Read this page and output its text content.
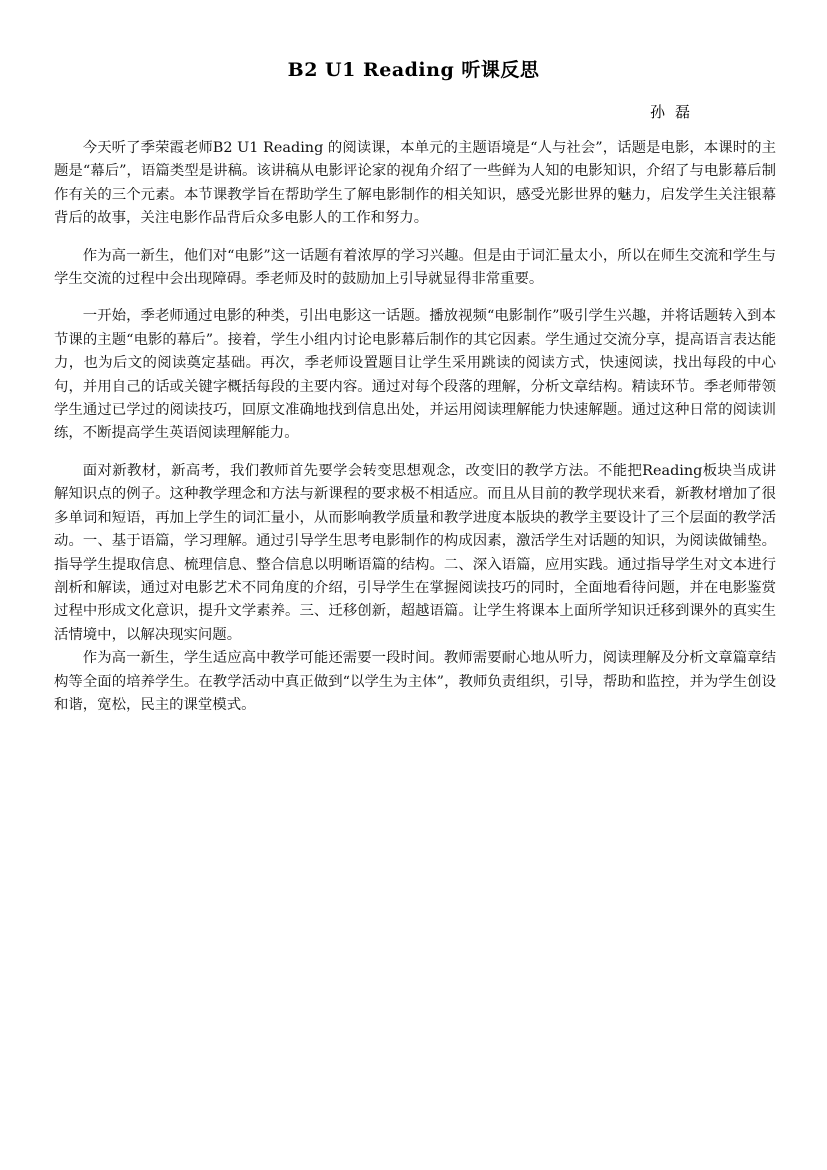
B2 U1 Reading 听课反思
孙磊

今天听了季荣霞老师B2 U1 Reading 的阅读课，本单元的主题语境是“人与社会”，话题是电影，本课时的主题是“幕后”，语篇类型是讲稿。该讲稿从电影评论家的视角介绍了一些鲜为人知的电影知识，介绍了与电影幕后制作有关的三个元素。本节课教学旨在帮助学生了解电影制作的相关知识，感受光影世界的魅力，启发学生关注银幕背后的故事，关注电影作品背后众多电影人的工作和努力。

作为高一新生，他们对“电影”这一话题有着浓厚的学习兴趣。但是由于词汇量太小，所以在师生交流和学生与学生交流的过程中会出现障碍。季老师及时的鼓励加上引导就显得非常重要。

一开始，季老师通过电影的种类，引出电影这一话题。播放视频“电影制作”吸引学生兴趣，并将话题转入到本节课的主题“电影的幕后”。接着，学生小组内讨论电影幕后制作的其它因素。学生通过交流分享，提高语言表达能力，也为后文的阅读奠定基础。再次，季老师设置题目让学生采用跳读的阅读方式，快速阅读，找出每段的中心句，并用自己的话或关键字概括每段的主要内容。通过对每个段落的理解，分析文章结构。精读环节。季老师带领学生通过已学过的阅读技巧，回原文准确地找到信息出处，并运用阅读理解能力快速解题。通过这种日常的阅读训练，不断提高学生英语阅读理解能力。

面对新教材，新高考，我们教师首先要学会转变思想观念，改变旧的教学方法。不能把Reading板块当成讲解知识点的例子。这种教学理念和方法与新课程的要求极不相适应。而且从目前的教学现状来看，新教材增加了很多单词和短语，再加上学生的词汇量小，从而影响教学质量和教学进度本版块的教学主要设计了三个层面的教学活动。一、基于语篇，学习理解。通过引导学生思考电影制作的构成因素，激活学生对话题的知识，为阅读做铺垫。指导学生提取信息、梳理信息、整合信息以明晰语篇的结构。二、深入语篇，应用实践。通过指导学生对文本进行剖析和解读，通过对电影艺术不同角度的介绍，引导学生在掌握阅读技巧的同时，全面地看待问题，并在电影鉴赏过程中形成文化意识，提升文学素养。三、迁移创新，超越语篇。让学生将课本上面所学知识迁移到课外的真实生活情境中，以解决现实问题。

作为高一新生，学生适应高中教学可能还需要一段时间。教师需要耐心地从听力，阅读理解及分析文章篇章结构等全面的培养学生。在教学活动中真正做到“以学生为主体”，教师负责组织，引导，帮助和监控，并为学生创设和谐，宽松，民主的课堂模式。
